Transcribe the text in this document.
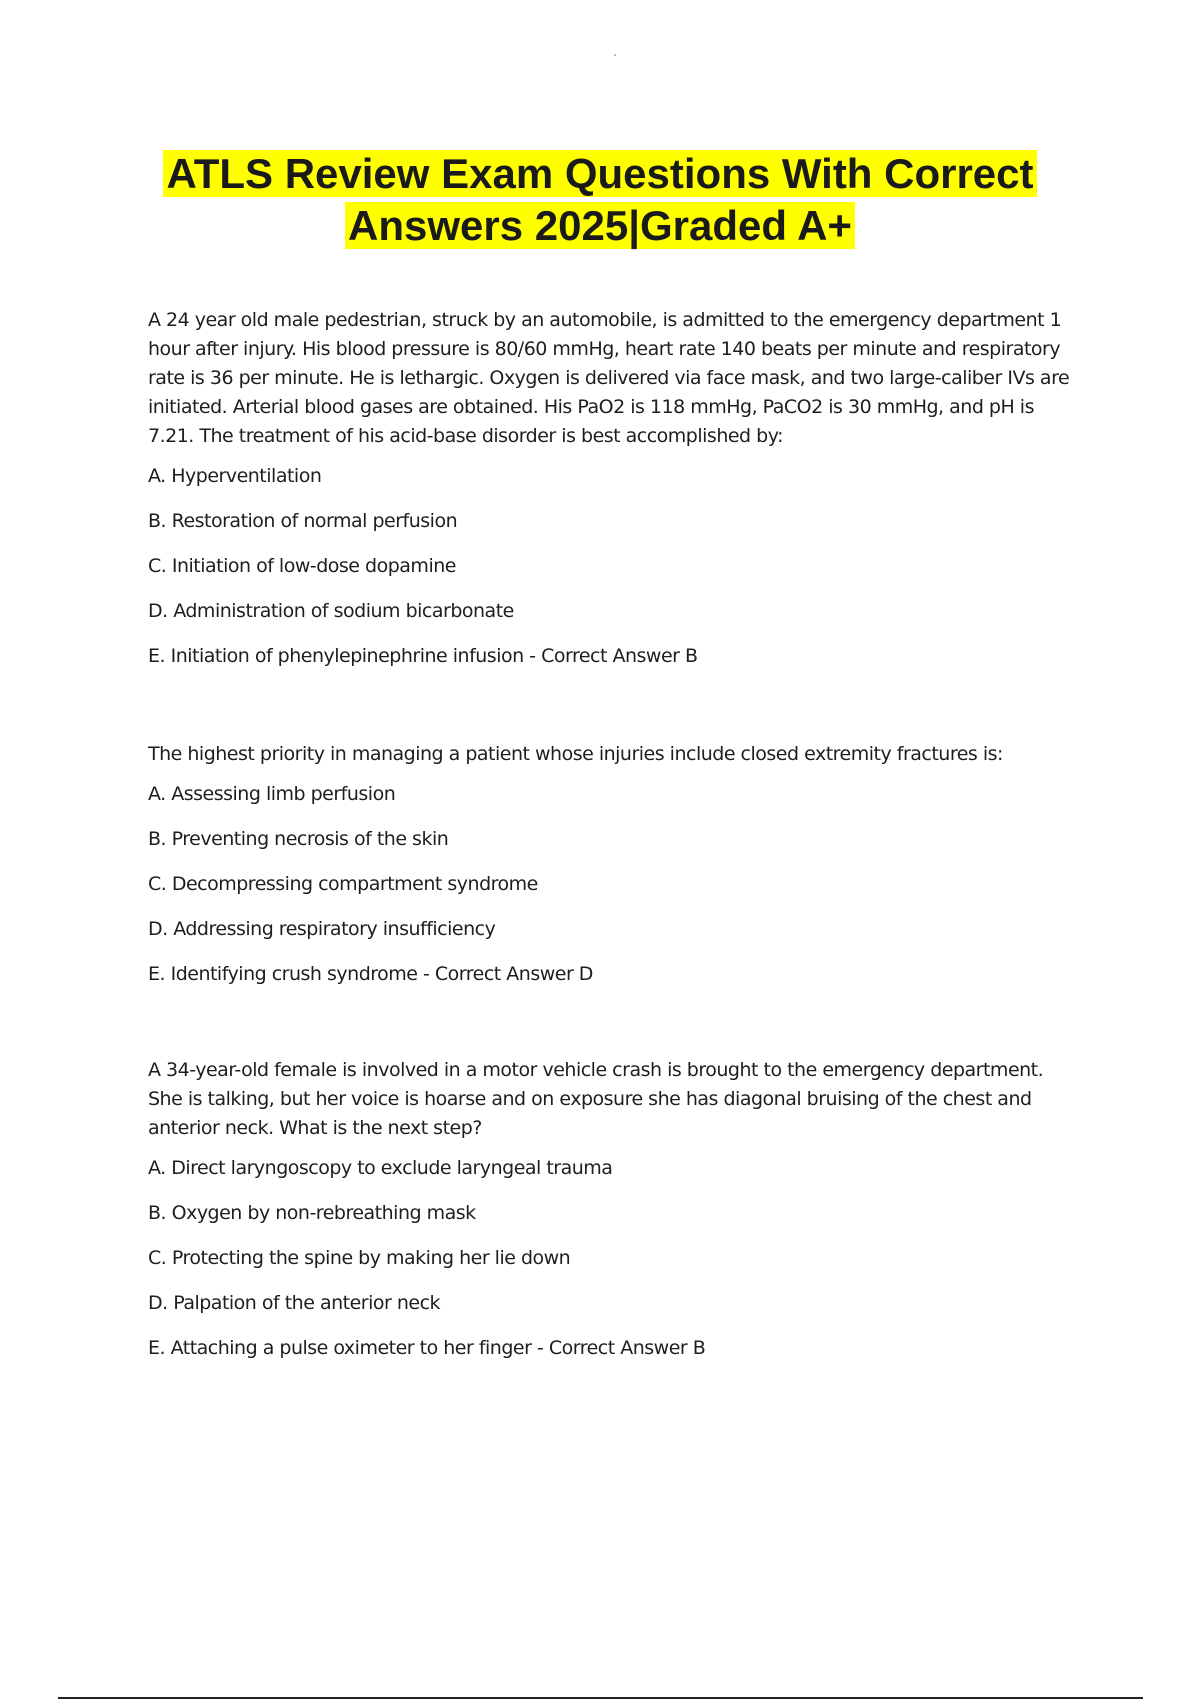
ATLS Review Exam Questions With Correct
Answers 2025|Graded A+

A 24 year old male pedestrian, struck by an automobile, is admitted to the emergency department 1 hour after injury. His blood pressure is 80/60 mmHg, heart rate 140 beats per minute and respiratory rate is 36 per minute. He is lethargic. Oxygen is delivered via face mask, and two large-caliber IVs are initiated. Arterial blood gases are obtained. His PaO2 is 118 mmHg, PaCO2 is 30 mmHg, and pH is 7.21. The treatment of his acid-base disorder is best accomplished by:

A. Hyperventilation

B. Restoration of normal perfusion

C. Initiation of low-dose dopamine

D. Administration of sodium bicarbonate

E. Initiation of phenylepinephrine infusion - Correct Answer B

The highest priority in managing a patient whose injuries include closed extremity fractures is:

A. Assessing limb perfusion

B. Preventing necrosis of the skin

C. Decompressing compartment syndrome

D. Addressing respiratory insufficiency

E. Identifying crush syndrome - Correct Answer D

A 34-year-old female is involved in a motor vehicle crash is brought to the emergency department. She is talking, but her voice is hoarse and on exposure she has diagonal bruising of the chest and anterior neck. What is the next step?

A. Direct laryngoscopy to exclude laryngeal trauma

B. Oxygen by non-rebreathing mask

C. Protecting the spine by making her lie down

D. Palpation of the anterior neck

E. Attaching a pulse oximeter to her finger - Correct Answer B
